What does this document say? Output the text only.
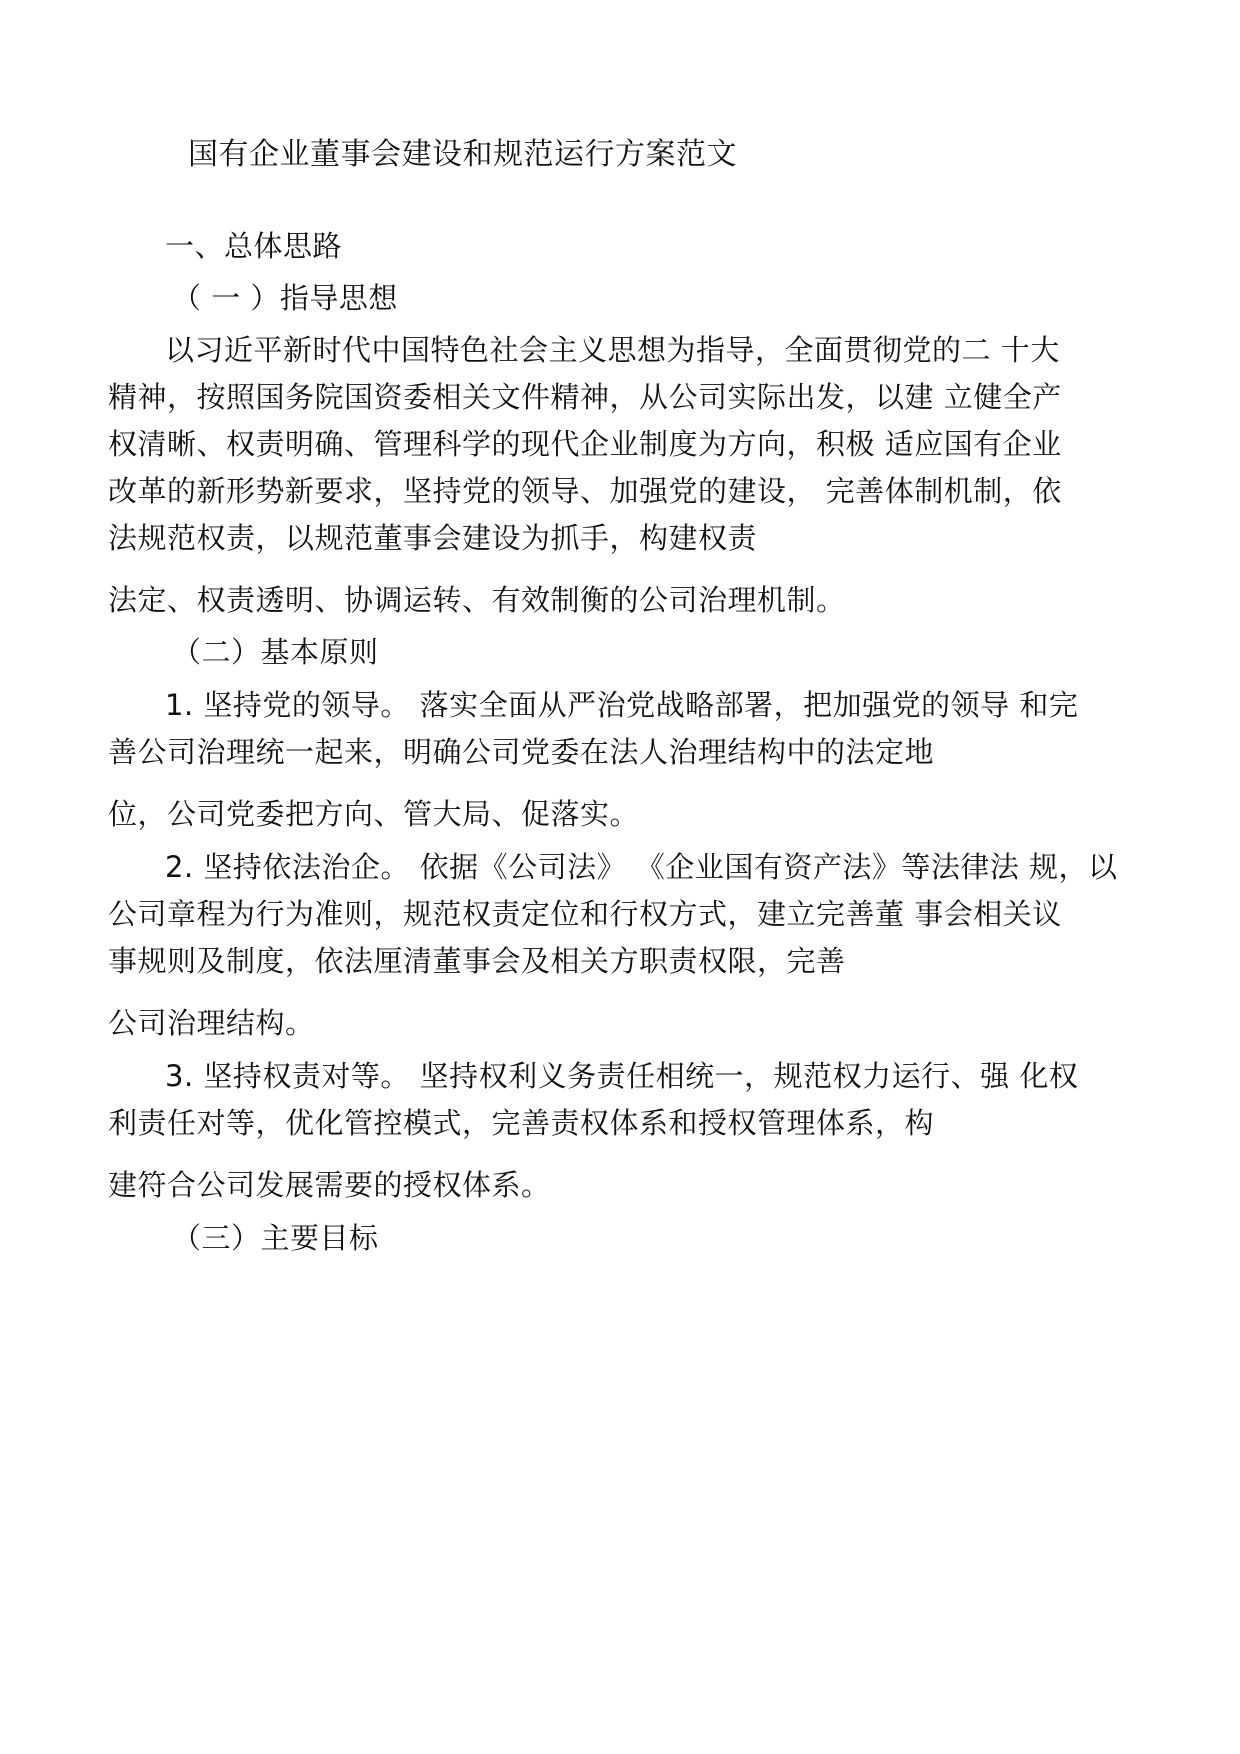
国有企业董事会建设和规范运行方案范文
一、总体思路
（ 一 ）指导思想
以习近平新时代中国特色社会主义思想为指导，全面贯彻党的二 十大
精神，按照国务院国资委相关文件精神，从公司实际出发，以建 立健全产
权清晰、权责明确、管理科学的现代企业制度为方向，积极 适应国有企业
改革的新形势新要求，坚持党的领导、加强党的建设， 完善体制机制，依
法规范权责，以规范董事会建设为抓手，构建权责
法定、权责透明、协调运转、有效制衡的公司治理机制。
（二）基本原则
1. 坚持党的领导。 落实全面从严治党战略部署，把加强党的领导 和完
善公司治理统一起来，明确公司党委在法人治理结构中的法定地
位，公司党委把方向、管大局、促落实。
2. 坚持依法治企。 依据《公司法》 《企业国有资产法》等法律法 规，以
公司章程为行为准则，规范权责定位和行权方式，建立完善董 事会相关议
事规则及制度，依法厘清董事会及相关方职责权限，完善
公司治理结构。
3. 坚持权责对等。 坚持权利义务责任相统一，规范权力运行、强 化权
利责任对等，优化管控模式，完善责权体系和授权管理体系，构
建符合公司发展需要的授权体系。
（三）主要目标
